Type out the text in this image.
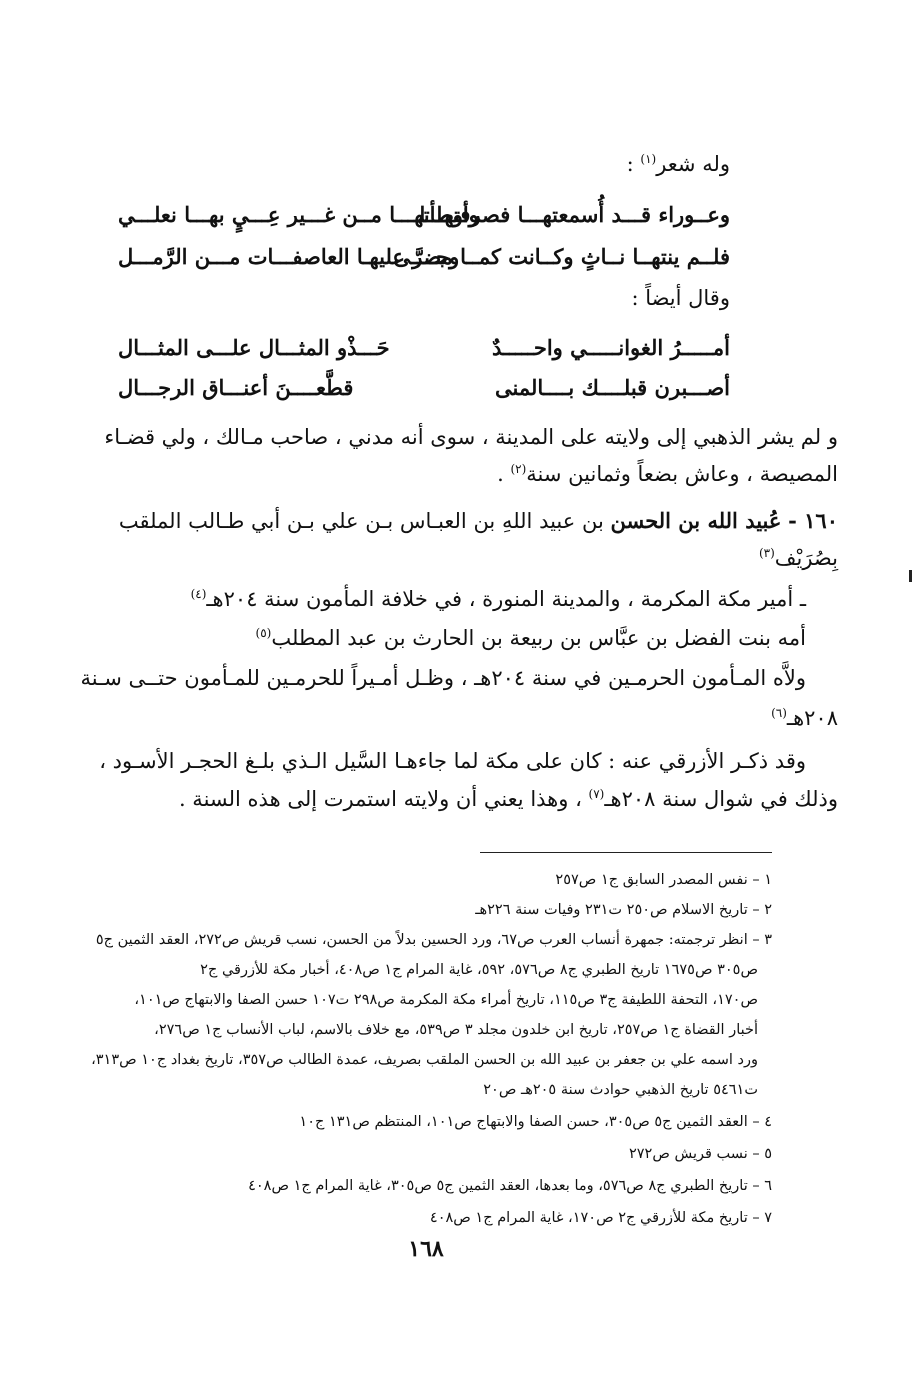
وله شعر$^{(١)}$ :
وعــوراء قـــد أُسمعتهـــا فصرفتهـــا
وأوطأتهـــا مــن غـــير عِـــيٍ بهـــا نعلـــي
فلــم ينتهــا نــاثٍ وكــانت كمــا مضــى
وجــرَّ عليهـا العاصفـــات مـــن الرَّمـــل
وقال أيضاً :
أمـــــرُ الغوانـــــي واحـــــدٌ
حَـــذْو المثـــال علـــى المثـــال
أصـــبرن قبلــــك بــــالمنى
قطَّعــــنَ أعنـــاق الرجـــال
و لم يشر الذهبي إلى ولايته على المدينة ، سوى أنه مدني ، صاحب مـالك ، ولي قضـاء
المصيصة ، وعاش بضعاً وثمانين سنة$^{(٢)}$ .
١٦٠ - عُبيد الله بن الحسن بن عبيد اللهِ بن العبـاس بـن علي بـن أبي طـالب الملقب
بِصُرَيْف$^{(٣)}$
ـ أمير مكة المكرمة ، والمدينة المنورة ، في خلافة المأمون سنة ٢٠٤هـ$^{(٤)}$
أمه بنت الفضل بن عبَّاس بن ربيعة بن الحارث بن عبد المطلب$^{(٥)}$
ولاَّه المـأمون الحرمـين في سنة ٢٠٤هـ ، وظـل أمـيراً للحرمـين للمـأمون حتــى سـنة
٢٠٨هـ$^{(٦)}$
وقد ذكـر الأزرقي عنه : كان على مكة لما جاءهـا السَّيل الـذي بلـغ الحجـر الأسـود ،
وذلك في شوال سنة ٢٠٨هـ$^{(٧)}$ ، وهذا يعني أن ولايته استمرت إلى هذه السنة .
١ – نفس المصدر السابق ج١ ص٢٥٧
٢ – تاريخ الاسلام ص٢٥٠ ت٢٣١ وفيات سنة ٢٢٦هـ
٣ – انظر ترجمته: جمهرة أنساب العرب ص٦٧، ورد الحسين بدلاً من الحسن، نسب قريش ص٢٧٢، العقد الثمين ج٥
ص٣٠٥ ص١٦٧٥ تاريخ الطبري ج٨ ص٥٧٦، ٥٩٢، غاية المرام ج١ ص٤٠٨، أخبار مكة للأزرقي ج٢
ص١٧٠، التحفة اللطيفة ج٣ ص١١٥، تاريخ أمراء مكة المكرمة ص٢٩٨ ت١٠٧ حسن الصفا والابتهاج ص١٠١،
أخبار القضاة ج١ ص٢٥٧، تاريخ ابن خلدون مجلد ٣ ص٥٣٩، مع خلاف بالاسم، لباب الأنساب ج١ ص٢٧٦،
ورد اسمه علي بن جعفر بن عبيد الله بن الحسن الملقب بصريف، عمدة الطالب ص٣٥٧، تاريخ بغداد ج١٠ ص٣١٣،
ت٥٤٦١ تاريخ الذهبي حوادث سنة ٢٠٥هـ ص٢٠
٤ – العقد الثمين ج٥ ص٣٠٥، حسن الصفا والابتهاج ص١٠١، المنتظم ص١٣١ ج١٠
٥ – نسب قريش ص٢٧٢
٦ – تاريخ الطبري ج٨ ص٥٧٦، وما بعدها، العقد الثمين ج٥ ص٣٠٥، غاية المرام ج١ ص٤٠٨
٧ – تاريخ مكة للأزرقي ج٢ ص١٧٠، غاية المرام ج١ ص٤٠٨
١٦٨
